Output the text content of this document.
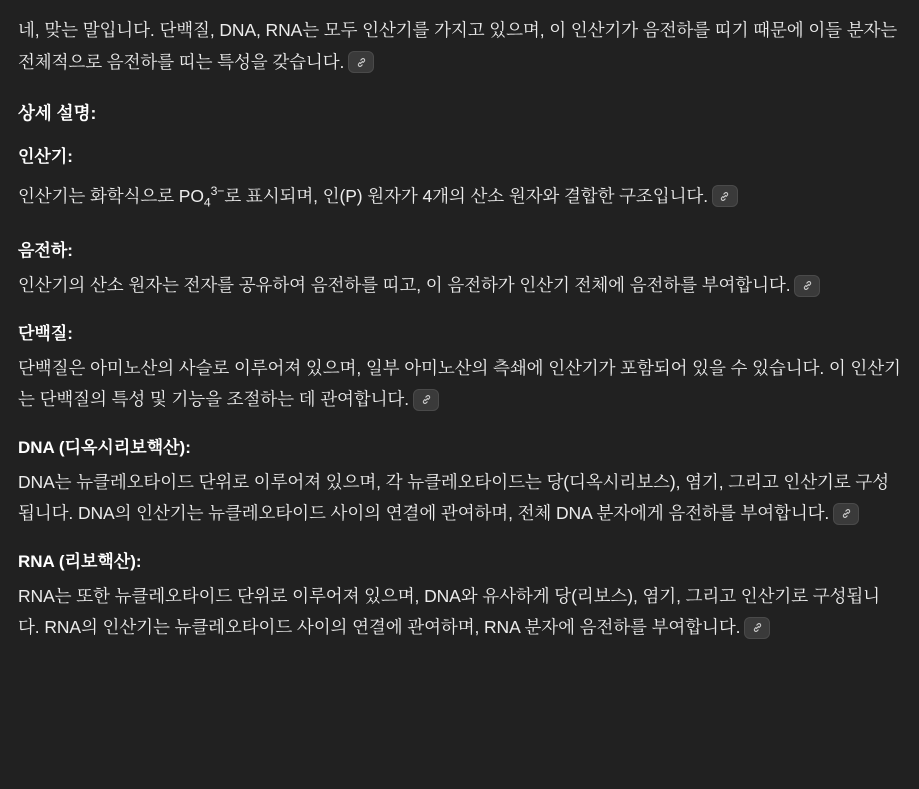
네, 맞는 말입니다. 단백질, DNA, RNA는 모두 인산기를 가지고 있으며, 이 인산기가 음전하를 띠기 때문에 이들 분자는 전체적으로 음전하를 띠는 특성을 갖습니다.

상세 설명:
인산기:

인산기는 화학식으로 $PO_4^{3-}$로 표시되며, 인(P) 원자가 4개의 산소 원자와 결합한 구조입니다.

음전하:

인산기의 산소 원자는 전자를 공유하여 음전하를 띠고, 이 음전하가 인산기 전체에 음전하를 부여합니다.

단백질:

단백질은 아미노산의 사슬로 이루어져 있으며, 일부 아미노산의 측쇄에 인산기가 포함되어 있을 수 있습니다. 이 인산기는 단백질의 특성 및 기능을 조절하는 데 관여합니다.

DNA (디옥시리보핵산):

DNA는 뉴클레오타이드 단위로 이루어져 있으며, 각 뉴클레오타이드는 당(디옥시리보스), 염기, 그리고 인산기로 구성됩니다. DNA의 인산기는 뉴클레오타이드 사이의 연결에 관여하며, 전체 DNA 분자에게 음전하를 부여합니다.

RNA (리보핵산):

RNA는 또한 뉴클레오타이드 단위로 이루어져 있으며, DNA와 유사하게 당(리보스), 염기, 그리고 인산기로 구성됩니다. RNA의 인산기는 뉴클레오타이드 사이의 연결에 관여하며, RNA 분자에 음전하를 부여합니다.
